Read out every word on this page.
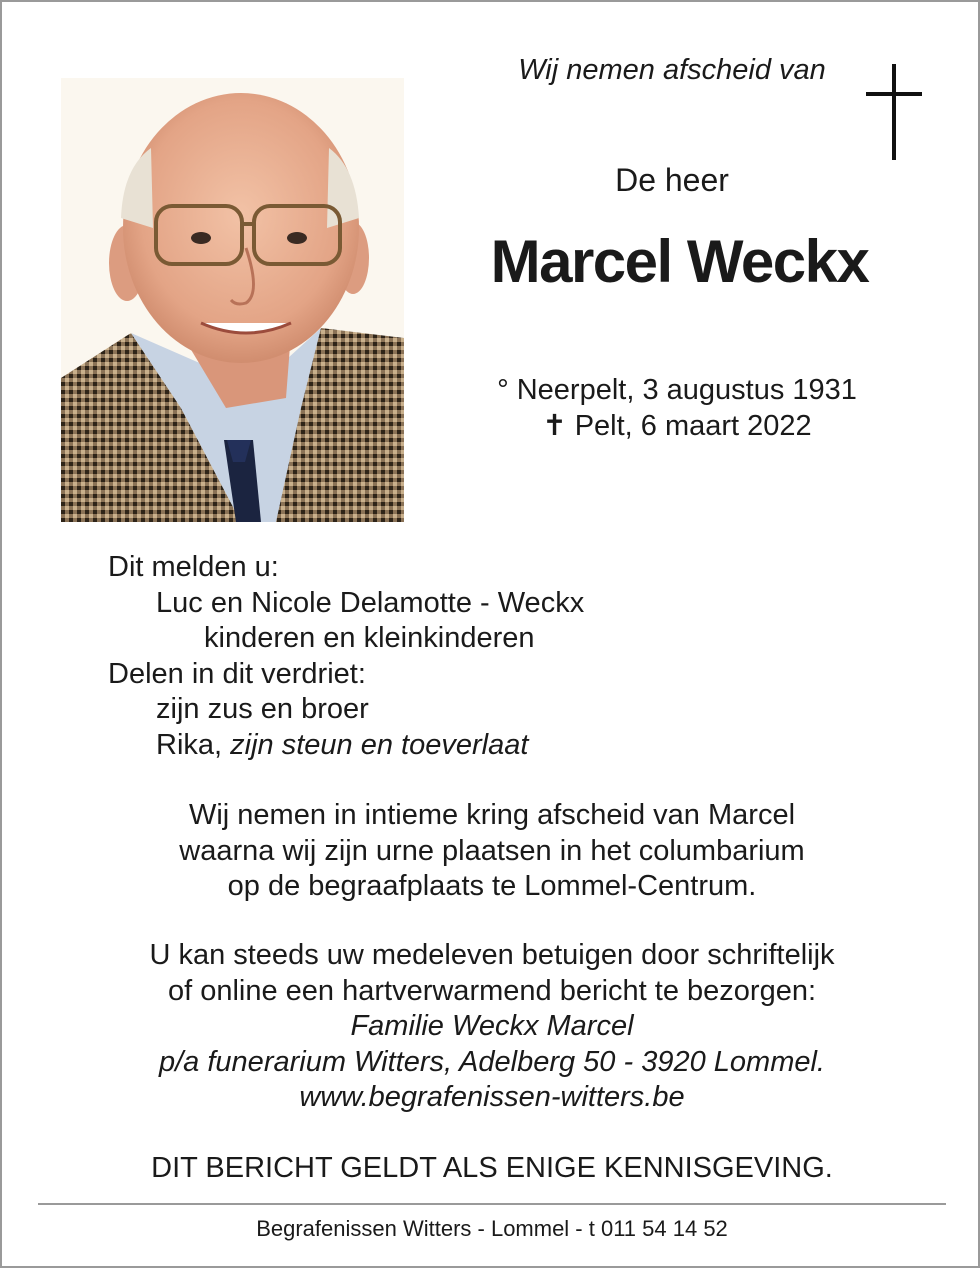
Wij nemen afscheid van
De heer
Marcel Weckx
° Neerpelt, 3 augustus 1931
✝ Pelt, 6 maart 2022
Dit melden u:
Luc en Nicole Delamotte - Weckx
kinderen en kleinkinderen
Delen in dit verdriet:
zijn zus en broer
Rika, zijn steun en toeverlaat
Wij nemen in intieme kring afscheid van Marcel
waarna wij zijn urne plaatsen in het columbarium
op de begraafplaats te Lommel-Centrum.
U kan steeds uw medeleven betuigen door schriftelijk
of online een hartverwarmend bericht te bezorgen:
Familie Weckx Marcel
p/a funerarium Witters, Adelberg 50 - 3920 Lommel.
www.begrafenissen-witters.be
DIT BERICHT GELDT ALS ENIGE KENNISGEVING.
Begrafenissen Witters - Lommel - t 011 54 14 52
